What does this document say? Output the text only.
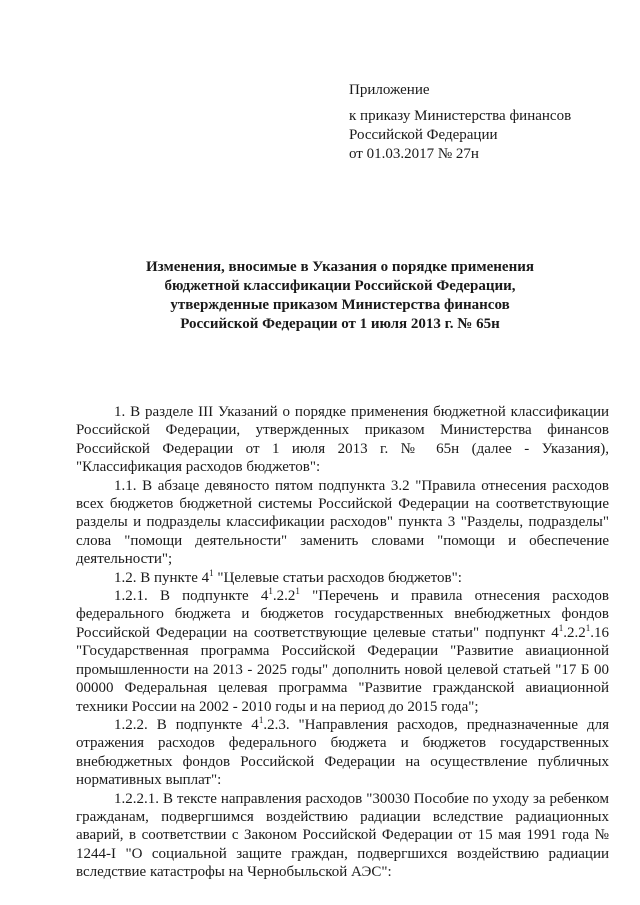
Приложение
к приказу Министерства финансов
Российской Федерации
от 01.03.2017 № 27н
Изменения, вносимые в Указания о порядке применения
бюджетной классификации Российской Федерации,
утвержденные приказом Министерства финансов
Российской Федерации от 1 июля 2013 г. № 65н

1. В разделе III Указаний о порядке применения бюджетной классификации Российской Федерации, утвержденных приказом Министерства финансов Российской Федерации от 1 июля 2013 г. № 65н (далее - Указания), "Классификация расходов бюджетов":

1.1. В абзаце девяносто пятом подпункта 3.2 "Правила отнесения расходов всех бюджетов бюджетной системы Российской Федерации на соответствующие разделы и подразделы классификации расходов" пункта 3 "Разделы, подразделы" слова "помощи деятельности" заменить словами "помощи и обеспечение деятельности";

1.2. В пункте $4^1$ "Целевые статьи расходов бюджетов":

1.2.1. В подпункте $4^1.2.2^1$ "Перечень и правила отнесения расходов федерального бюджета и бюджетов государственных внебюджетных фондов Российской Федерации на соответствующие целевые статьи" подпункт $4^1.2.2^1.16$ "Государственная программа Российской Федерации "Развитие авиационной промышленности на 2013 - 2025 годы" дополнить новой целевой статьей "17 Б 00 00000 Федеральная целевая программа "Развитие гражданской авиационной техники России на 2002 - 2010 годы и на период до 2015 года";

1.2.2. В подпункте $4^1.2.3$. "Направления расходов, предназначенные для отражения расходов федерального бюджета и бюджетов государственных внебюджетных фондов Российской Федерации на осуществление публичных нормативных выплат":

1.2.2.1. В тексте направления расходов "30030 Пособие по уходу за ребенком гражданам, подвергшимся воздействию радиации вследствие радиационных аварий, в соответствии с Законом Российской Федерации от 15 мая 1991 года № 1244-I "О социальной защите граждан, подвергшихся воздействию радиации вследствие катастрофы на Чернобыльской АЭС":
